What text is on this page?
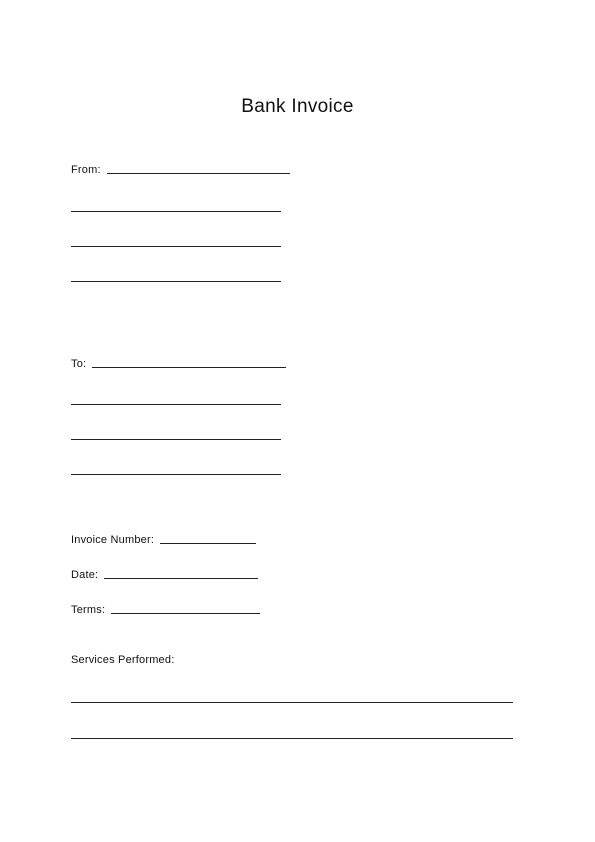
Bank Invoice
From:
To:
Invoice Number:
Date:
Terms:
Services Performed:
